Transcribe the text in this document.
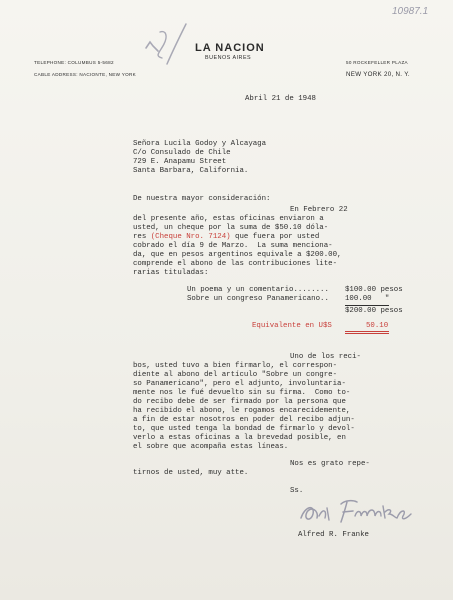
10987.1
LA NACION
BUENOS AIRES
TELEPHONE: COLUMBUS 5-5682
CABLE ADDRESS: NACIONTE, NEW YORK
50 ROCKEFELLER PLAZA
NEW YORK 20, N. Y.
Abril 21 de 1948
Señora Lucila Godoy y Alcayaga
C/o Consulado de Chile
729 E. Anapamu Street
Santa Barbara, California.
De nuestra mayor consideración:
En Febrero 22
del presente año, estas oficinas enviaron a
usted, un cheque por la suma de $50.10 dóla-
res (Cheque Nro. 7124) que fuera por usted
cobrado el día 9 de Marzo.  La suma menciona-
da, que en pesos argentinos equivale a $200.00,
comprende el abono de las contribuciones lite-
rarias tituladas:
Un poema y un comentario........ $100.00 pesos
Sobre un congreso Panamericano.. 100.00   "
$200.00 pesos
Equivalente en U$S	50.10
Uno de los reci-
bos, usted tuvo a bien firmarlo, el correspon-
diente al abono del artículo "Sobre un congre-
so Panamericano", pero el adjunto, involuntaria-
mente nos le fué devuelto sin su firma.  Como to-
do recibo debe de ser firmado por la persona que
ha recibido el abono, le rogamos encarecidemente,
a fin de estar nosotros en poder del recibo adjun-
to, que usted tenga la bondad de firmarlo y devol-
verlo a estas oficinas a la brevedad posible, en
el sobre que acompaña estas líneas.
Nos es grato repe-
tirnos de usted, muy atte.
Ss.
Alfred R. Franke
